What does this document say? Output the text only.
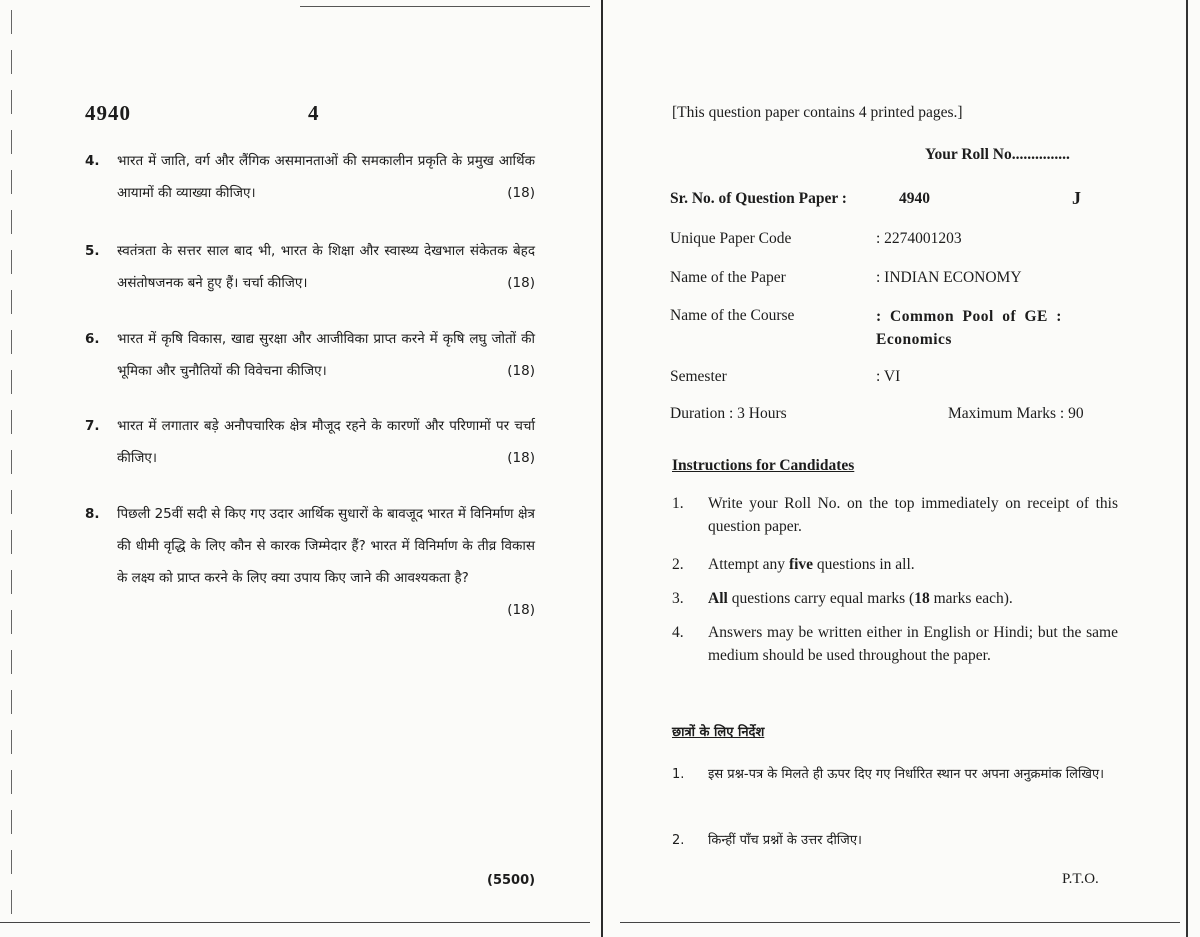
4940	4
4. भारत में जाति, वर्ग और लैंगिक असमानताओं की समकालीन प्रकृति के प्रमुख आर्थिक आयामों की व्याख्या कीजिए।	(18)
5. स्वतंत्रता के सत्तर साल बाद भी, भारत के शिक्षा और स्वास्थ्य देखभाल संकेतक बेहद असंतोषजनक बने हुए हैं। चर्चा कीजिए।	(18)
6. भारत में कृषि विकास, खाद्य सुरक्षा और आजीविका प्राप्त करने में कृषि लघु जोतों की भूमिका और चुनौतियों की विवेचना कीजिए।	(18)
7. भारत में लगातार बड़े अनौपचारिक क्षेत्र मौजूद रहने के कारणों और परिणामों पर चर्चा कीजिए।	(18)
8. पिछली 25वीं सदी से किए गए उदार आर्थिक सुधारों के बावजूद भारत में विनिर्माण क्षेत्र की धीमी वृद्धि के लिए कौन से कारक जिम्मेदार हैं? भारत में विनिर्माण के तीव्र विकास के लक्ष्य को प्राप्त करने के लिए क्या उपाय किए जाने की आवश्यकता है?
(18)
(5500)
[This question paper contains 4 printed pages.]
Your Roll No...............
Sr. No. of Question Paper :	4940	J
Unique Paper Code	: 2274001203
Name of the Paper	: INDIAN ECONOMY
Name of the Course	: Common Pool of GE : Economics
Semester	: VI
Duration : 3 Hours	Maximum Marks : 90
Instructions for Candidates
1. Write your Roll No. on the top immediately on receipt of this question paper.
2. Attempt any five questions in all.
3. All questions carry equal marks (18 marks each).
4. Answers may be written either in English or Hindi; but the same medium should be used throughout the paper.
छात्रों के लिए निर्देश
1. इस प्रश्न-पत्र के मिलते ही ऊपर दिए गए निर्धारित स्थान पर अपना अनुक्रमांक लिखिए।
2. किन्हीं पाँच प्रश्नों के उत्तर दीजिए।
P.T.O.
